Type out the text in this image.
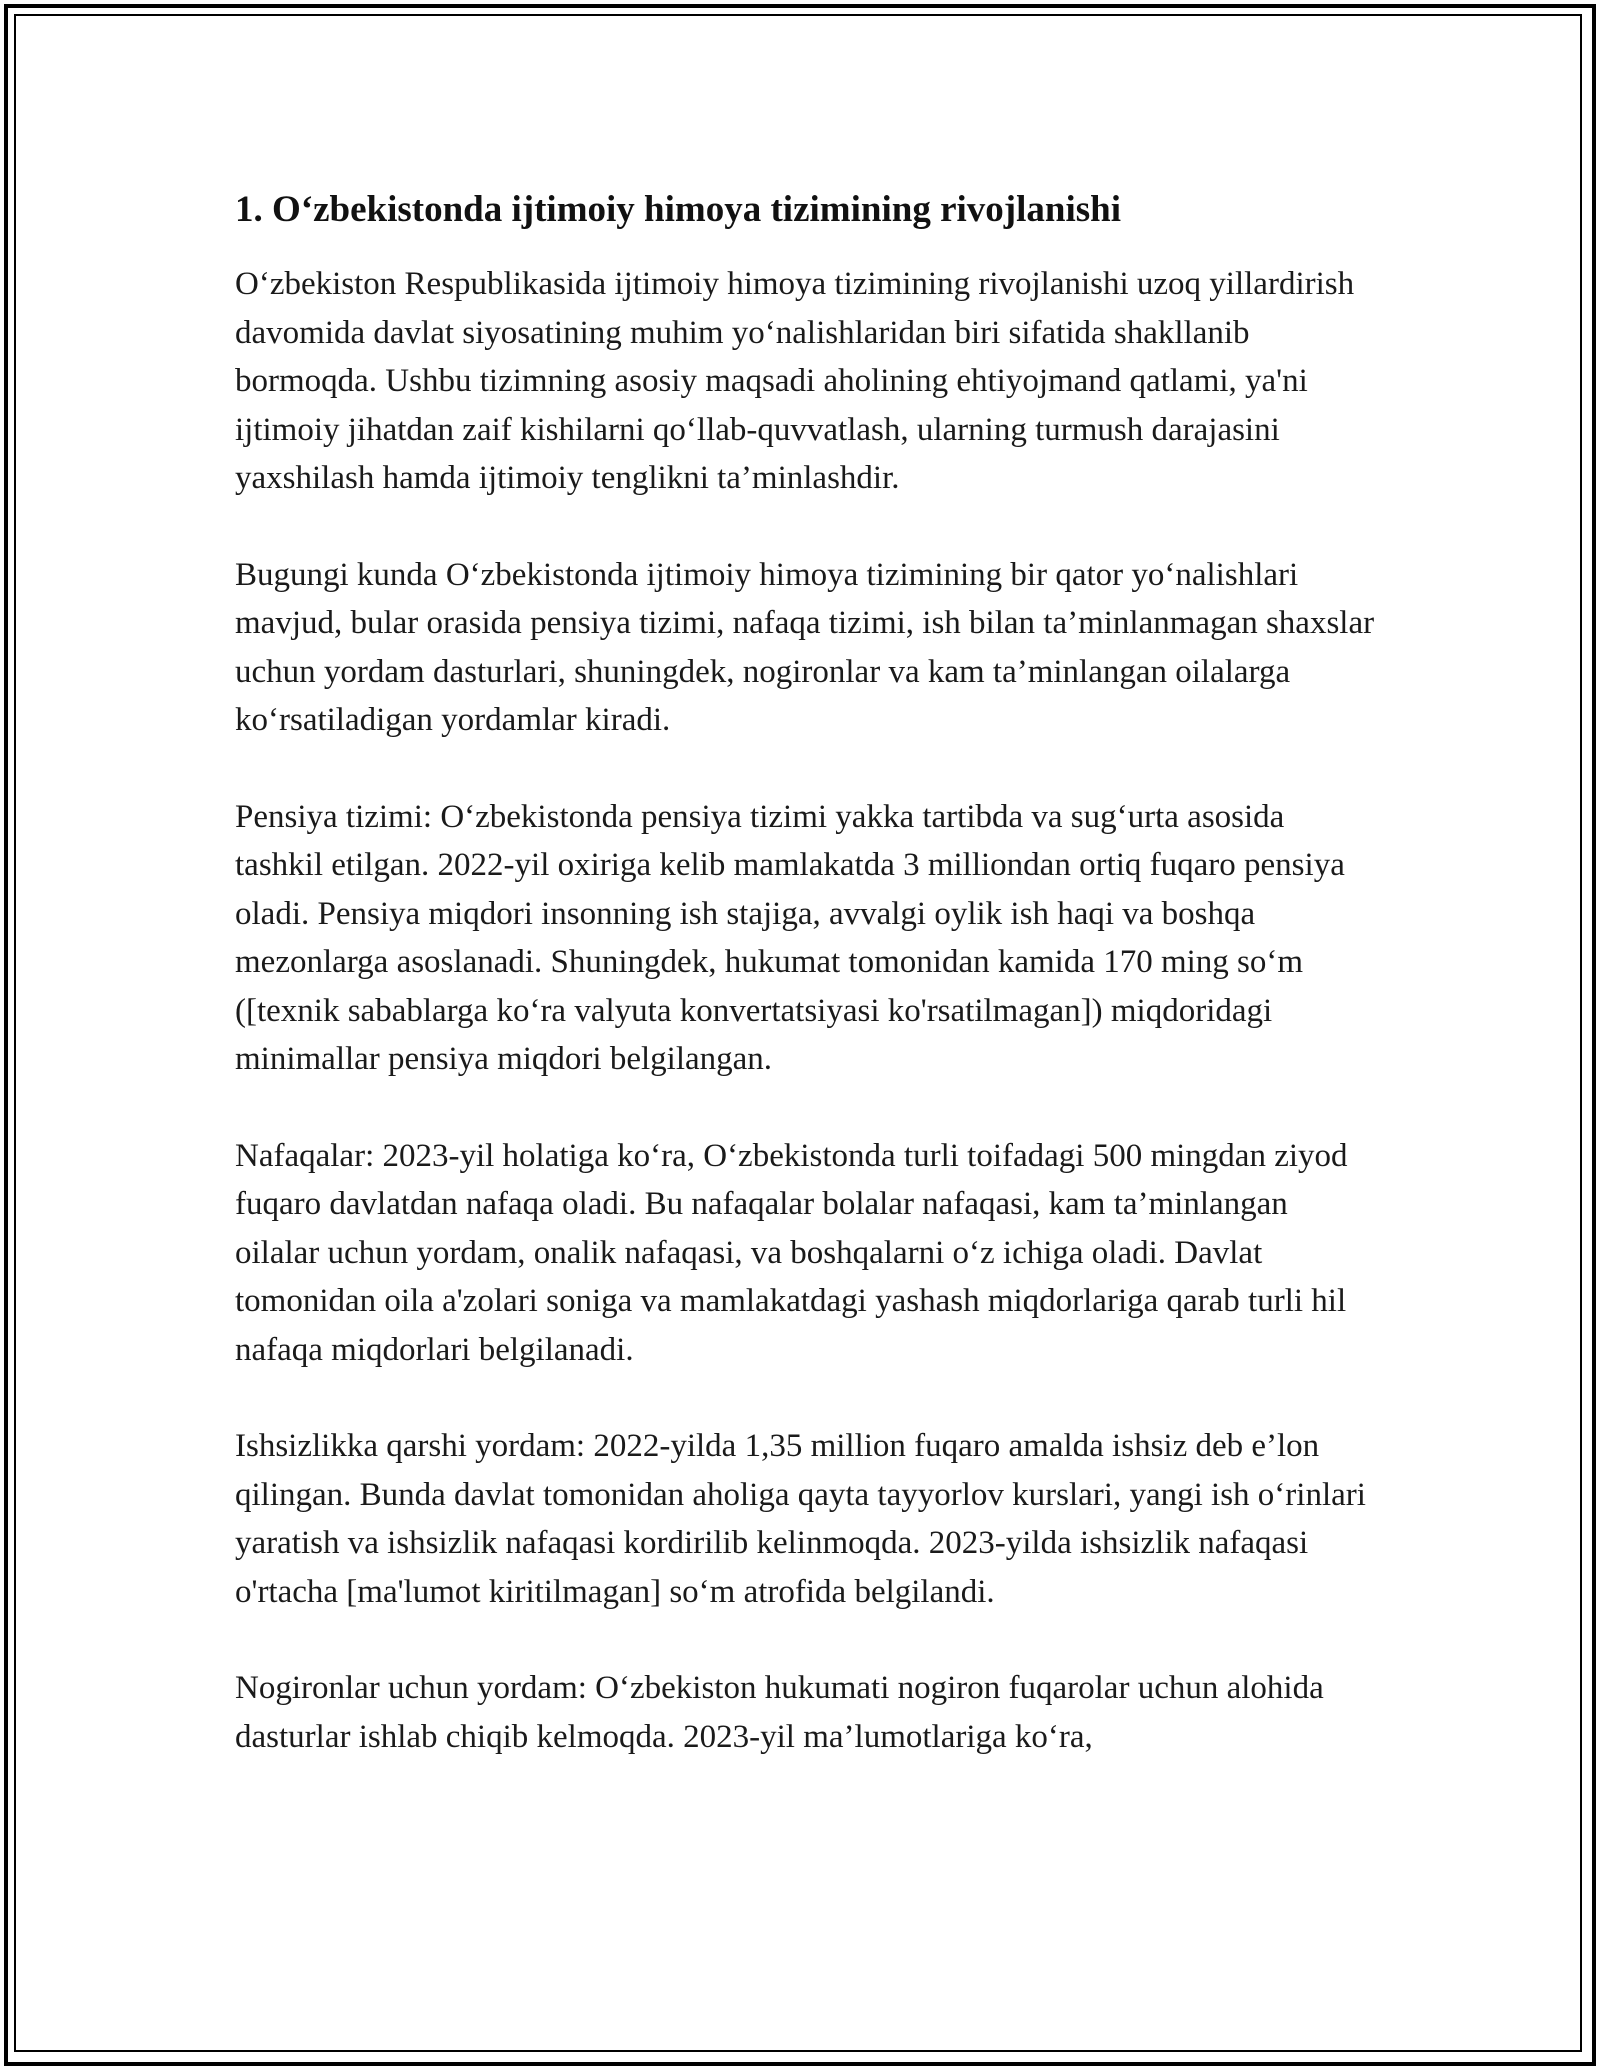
1. O‘zbekistonda ijtimoiy himoya tizimining rivojlanishi

O‘zbekiston Respublikasida ijtimoiy himoya tizimining rivojlanishi uzoq yillardirish davomida davlat siyosatining muhim yo‘nalishlaridan biri sifatida shakllanib bormoqda. Ushbu tizimning asosiy maqsadi aholining ehtiyojmand qatlami, ya'ni ijtimoiy jihatdan zaif kishilarni qo‘llab-quvvatlash, ularning turmush darajasini yaxshilash hamda ijtimoiy tenglikni ta’minlashdir.

Bugungi kunda O‘zbekistonda ijtimoiy himoya tizimining bir qator yo‘nalishlari mavjud, bular orasida pensiya tizimi, nafaqa tizimi, ish bilan ta’minlanmagan shaxslar uchun yordam dasturlari, shuningdek, nogironlar va kam ta’minlangan oilalarga ko‘rsatiladigan yordamlar kiradi.

Pensiya tizimi: O‘zbekistonda pensiya tizimi yakka tartibda va sug‘urta asosida tashkil etilgan. 2022-yil oxiriga kelib mamlakatda 3 milliondan ortiq fuqaro pensiya oladi. Pensiya miqdori insonning ish stajiga, avvalgi oylik ish haqi va boshqa mezonlarga asoslanadi. Shuningdek, hukumat tomonidan kamida 170 ming so‘m ([texnik sabablarga ko‘ra valyuta konvertatsiyasi ko'rsatilmagan]) miqdoridagi minimallar pensiya miqdori belgilangan.

Nafaqalar: 2023-yil holatiga ko‘ra, O‘zbekistonda turli toifadagi 500 mingdan ziyod fuqaro davlatdan nafaqa oladi. Bu nafaqalar bolalar nafaqasi, kam ta’minlangan oilalar uchun yordam, onalik nafaqasi, va boshqalarni o‘z ichiga oladi. Davlat tomonidan oila a'zolari soniga va mamlakatdagi yashash miqdorlariga qarab turli hil nafaqa miqdorlari belgilanadi.

Ishsizlikka qarshi yordam: 2022-yilda 1,35 million fuqaro amalda ishsiz deb e’lon qilingan. Bunda davlat tomonidan aholiga qayta tayyorlov kurslari, yangi ish o‘rinlari yaratish va ishsizlik nafaqasi kordirilib kelinmoqda. 2023-yilda ishsizlik nafaqasi o'rtacha [ma'lumot kiritilmagan] so‘m atrofida belgilandi.

Nogironlar uchun yordam: O‘zbekiston hukumati nogiron fuqarolar uchun alohida dasturlar ishlab chiqib kelmoqda. 2023-yil ma’lumotlariga ko‘ra,
